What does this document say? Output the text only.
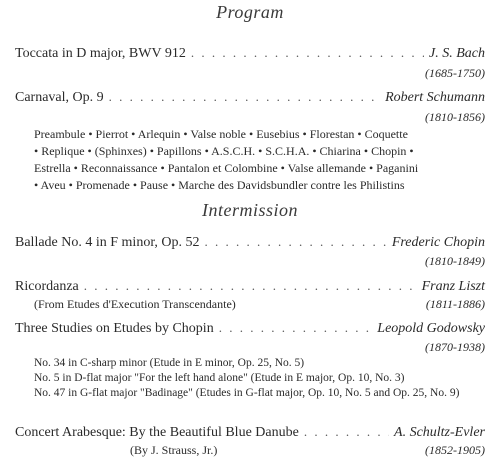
Program
Toccata in D major, BWV 912 . . .	J. S. Bach
(1685-1750)
Carnaval, Op. 9 . . .	Robert Schumann
(1810-1856)
Preambule • Pierrot • Arlequin • Valse noble • Eusebius • Florestan • Coquette
• Replique • (Sphinxes) • Papillons • A.S.C.H. • S.C.H.A. • Chiarina • Chopin •
Estrella • Reconnaissance • Pantalon et Colombine • Valse allemande • Paganini
• Aveu • Promenade • Pause • Marche des Davidsbundler contre les Philistins
Intermission
Ballade No. 4 in F minor, Op. 52 . . .	Frederic Chopin
(1810-1849)
Ricordanza . . .	Franz Liszt
(From Etudes d'Execution Transcendante)	(1811-1886)
Three Studies on Etudes by Chopin . . .	Leopold Godowsky
(1870-1938)
No. 34 in C-sharp minor (Etude in E minor, Op. 25, No. 5)
No. 5 in D-flat major "For the left hand alone" (Etude in E major, Op. 10, No. 3)
No. 47 in G-flat major "Badinage" (Etudes in G-flat major, Op. 10, No. 5 and Op. 25, No. 9)
Concert Arabesque: By the Beautiful Blue Danube . . .	A. Schultz-Evler
(By J. Strauss, Jr.)	(1852-1905)
